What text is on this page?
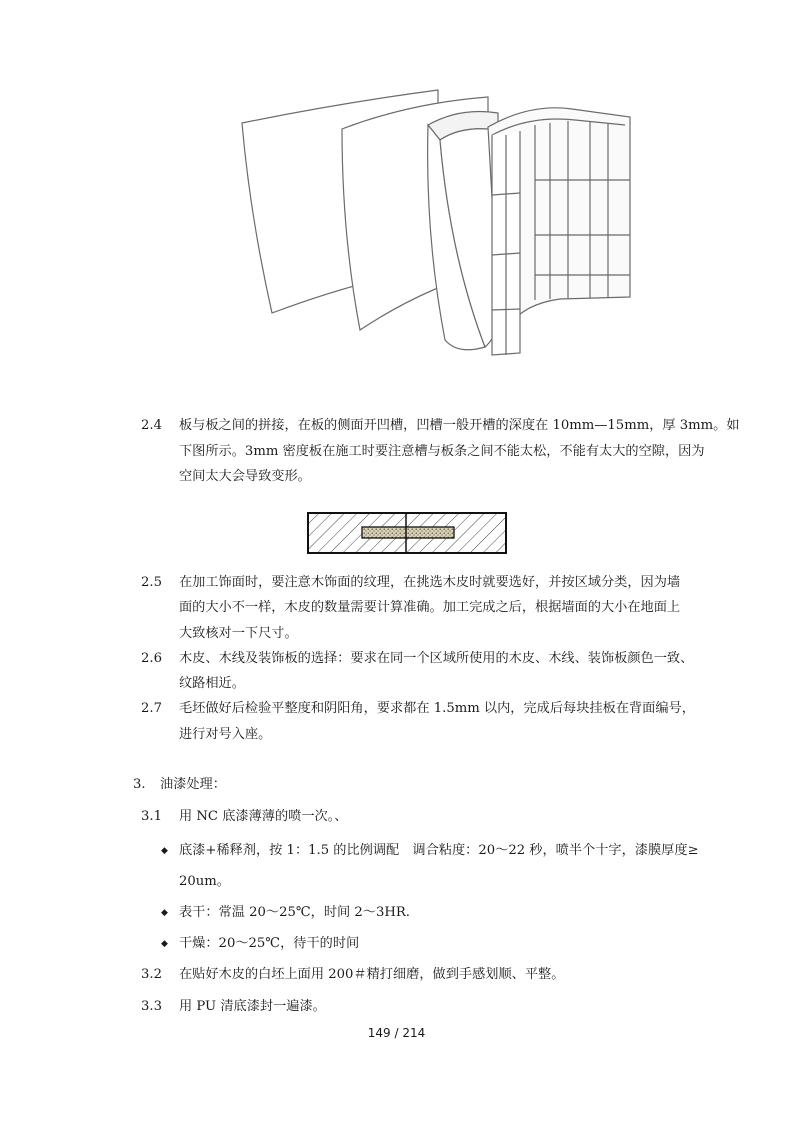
2.4 板与板之间的拼接，在板的侧面开凹槽，凹槽一般开槽的深度在 10mm—15mm，厚 3mm。如
下图所示。3mm 密度板在施工时要注意槽与板条之间不能太松，不能有太大的空隙，因为
空间太大会导致变形。
2.5 在加工饰面时，要注意木饰面的纹理，在挑选木皮时就要选好，并按区域分类，因为墙
面的大小不一样，木皮的数量需要计算准确。加工完成之后，根据墙面的大小在地面上
大致核对一下尺寸。
2.6 木皮、木线及装饰板的选择：要求在同一个区域所使用的木皮、木线、装饰板颜色一致、
纹路相近。
2.7 毛坯做好后检验平整度和阴阳角，要求都在 1.5mm 以内，完成后每块挂板在背面编号，
进行对号入座。
3. 油漆处理：
3.1 用 NC 底漆薄薄的喷一次。、
◆ 底漆+稀释剂，按 1：1.5 的比例调配　调合粘度：20～22 秒，喷半个十字，漆膜厚度≥
20um。
◆ 表干：常温 20～25℃，时间 2～3HR.
◆ 干燥：20～25℃，待干的时间
3.2 在贴好木皮的白坯上面用 200＃精打细磨，做到手感划顺、平整。
3.3 用 PU 清底漆封一遍漆。
149 / 214
